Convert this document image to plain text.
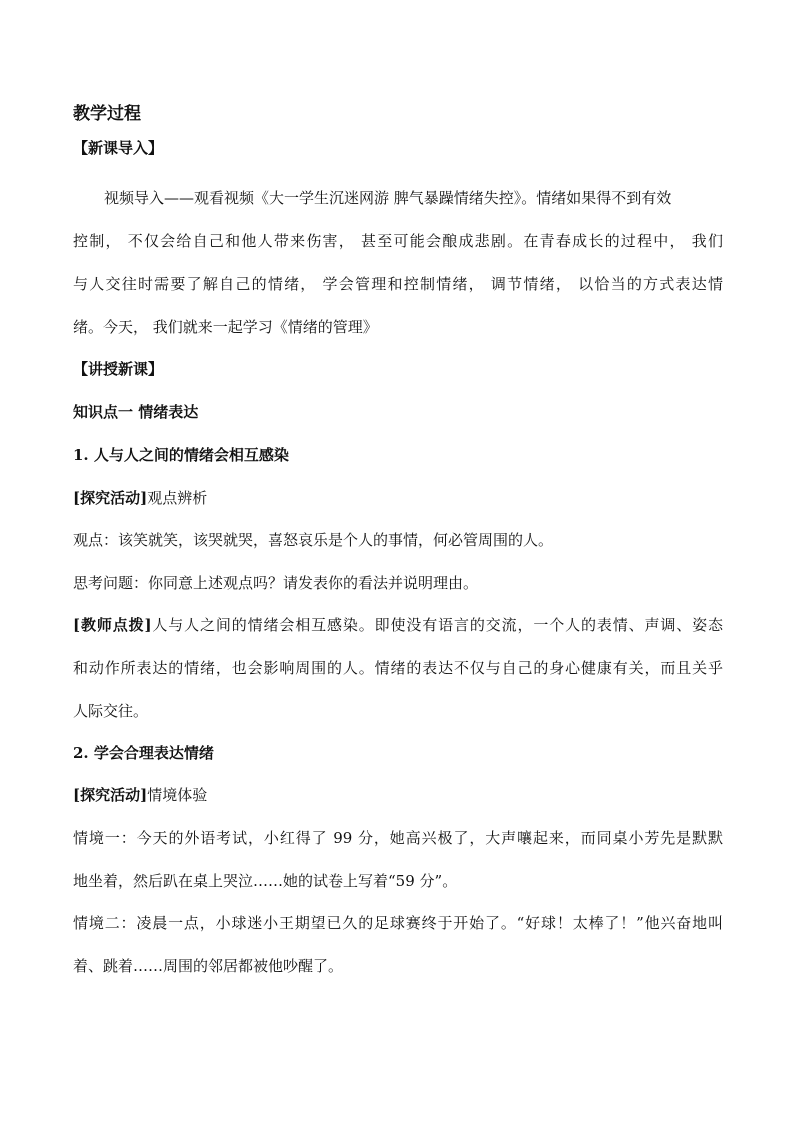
教学过程
【新课导入】
视频导入——观看视频《大一学生沉迷网游 脾气暴躁情绪失控》。情绪如果得不到有效
控制， 不仅会给自己和他人带来伤害， 甚至可能会酿成悲剧。在青春成长的过程中， 我们
与人交往时需要了解自己的情绪， 学会管理和控制情绪， 调节情绪， 以恰当的方式表达情
绪。今天， 我们就来一起学习《情绪的管理》
【讲授新课】
知识点一 情绪表达
1. 人与人之间的情绪会相互感染
[探究活动]观点辨析
观点：该笑就笑，该哭就哭，喜怒哀乐是个人的事情，何必管周围的人。
思考问题：你同意上述观点吗？请发表你的看法并说明理由。
[教师点拨]人与人之间的情绪会相互感染。即使没有语言的交流，一个人的表情、声调、姿态
和动作所表达的情绪，也会影响周围的人。情绪的表达不仅与自己的身心健康有关，而且关乎
人际交往。
2. 学会合理表达情绪
[探究活动]情境体验
情境一：今天的外语考试，小红得了 99 分，她高兴极了，大声嚷起来，而同桌小芳先是默默
地坐着，然后趴在桌上哭泣……她的试卷上写着“59 分”。
情境二：凌晨一点，小球迷小王期望已久的足球赛终于开始了。“好球！太棒了！”他兴奋地叫
着、跳着……周围的邻居都被他吵醒了。
